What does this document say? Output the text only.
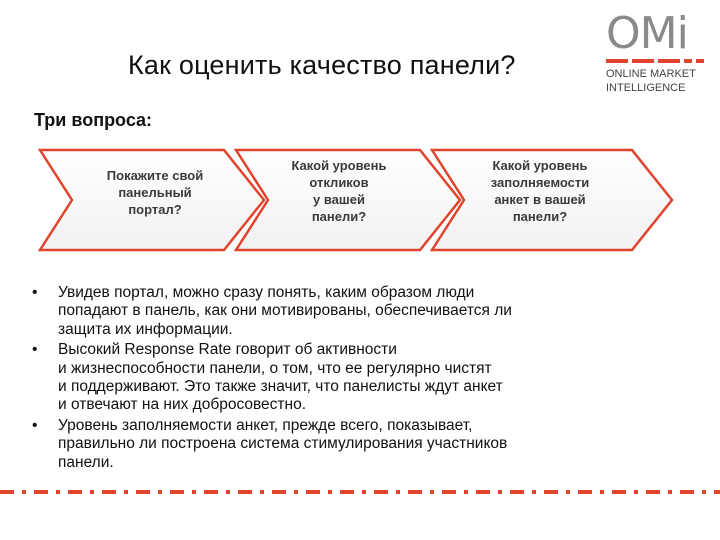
Как оценить качество панели?
OMi
ONLINE MARKET
INTELLIGENCE
Три вопроса:
Покажите свой
панельный
портал?
Какой уровень
откликов
у вашей
панели?
Какой уровень
заполняемости
анкет в вашей
панели?
• Увидев портал, можно сразу понять, каким образом люди
попадают в панель, как они мотивированы, обеспечивается ли
защита их информации.
• Высокий Response Rate говорит об активности
и жизнеспособности панели, о том, что ее регулярно чистят
и поддерживают. Это также значит, что панелисты ждут анкет
и отвечают на них добросовестно.
• Уровень заполняемости анкет, прежде всего, показывает,
правильно ли построена система стимулирования участников
панели.
